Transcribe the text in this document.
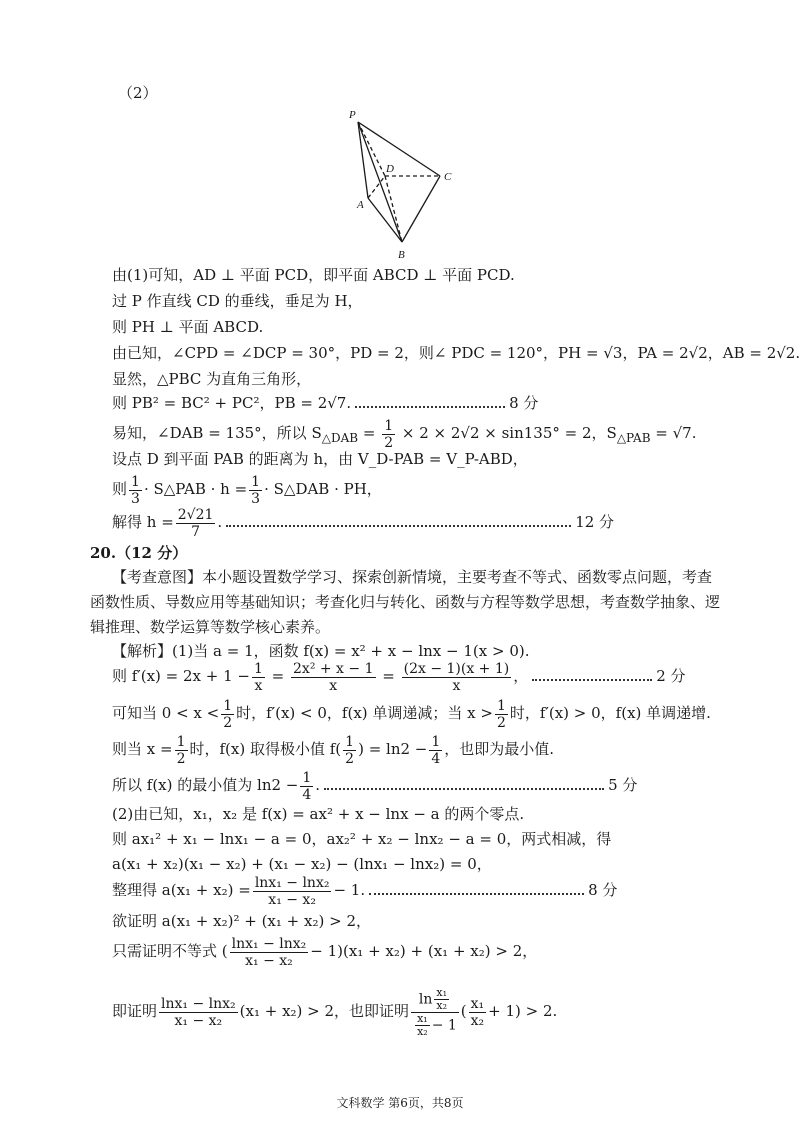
（2）
P
D
C
A
B
由(1)可知，AD ⊥ 平面 PCD，即平面 ABCD ⊥ 平面 PCD.
过 P 作直线 CD 的垂线，垂足为 H，
则 PH ⊥ 平面 ABCD.
由已知，∠CPD = ∠DCP = 30°，PD = 2，则∠ PDC = 120°，PH = √3，PA = 2√2，AB = 2√2.
显然，△PBC 为直角三角形，
则 PB² = BC² + PC²，PB = 2√7.	8 分
易知，∠DAB = 135°，所以 $S_{\triangle DAB} = \frac{1}{2} \times 2 \times 2√2 \times \sin 135^\circ = 2$，$S_{\triangle PAB} = √7$.
设点 D 到平面 PAB 的距离为 h，由 V_D-PAB = V_P-ABD，
则 $\frac{1}{3}$ · S△PAB · $h = \frac{1}{3}$ · S△DAB · PH，
解得 $h = \frac{2√21}{7}$ .	12 分
20.（12 分）
【考查意图】本小题设置数学学习、探索创新情境，主要考查不等式、函数零点问题，考查
函数性质、导数应用等基础知识；考查化归与转化、函数与方程等数学思想，考查数学抽象、逻
辑推理、数学运算等数学核心素养。
【解析】(1)当 a = 1，函数 f(x) = x² + x − lnx − 1(x > 0).
则 $f'(x) = 2x + 1 - \frac{1}{x} = \frac{\text{2x² + x − 1}}{x} = \frac{(2x - 1)(x + 1)}{x}$ ，	2 分
可知当 $0 < x < \frac{1}{2}$ 时，f′(x) < 0，f(x) 单调递减；当 $x > \frac{1}{2}$ 时，f′(x) > 0，f(x) 单调递增.
则当 $x = \frac{1}{2}$ 时，f(x) 取得极小值 $f( \frac{1}{2}$ ) = $\ln 2 - \frac{1}{4}$ ，也即为最小值.
所以 f(x) 的最小值为 $\ln 2 - \frac{1}{4}$ .	5 分
(2)由已知，x₁，x₂ 是 f(x) = ax² + x − lnx − a 的两个零点.
则 ax₁² + x₁ − lnx₁ − a = 0，ax₂² + x₂ − lnx₂ − a = 0，两式相减，得
a(x₁ + x₂)(x₁ − x₂) + (x₁ − x₂) − (lnx₁ − lnx₂) = 0，
整理得 $a(x_1 + x_2) = \frac{\text{lnx₁ − lnx₂}}{\text{x₁ − x₂}} - 1$.	8 分
欲证明 a(x₁ + x₂)² + (x₁ + x₂) > 2，
只需证明不等式 ( $\frac{\text{lnx₁ − lnx₂}}{\text{x₁ − x₂}} - 1)(x_1 + x_2) + (x_1 + x_2) > 2$，
即证明 $\frac{\text{lnx₁ − lnx₂}}{\text{x₁ − x₂}} (x_1 + x_2) > 2$，也即证明 $\frac{\ln \frac{\text{x₁}}{\text{x₂}}}{\frac{\text{x₁}}{\text{x₂}} - 1}$ ( $\frac{\text{x₁}}{\text{x₂}} + 1) > 2$.
文科数学 第6页，共8页
